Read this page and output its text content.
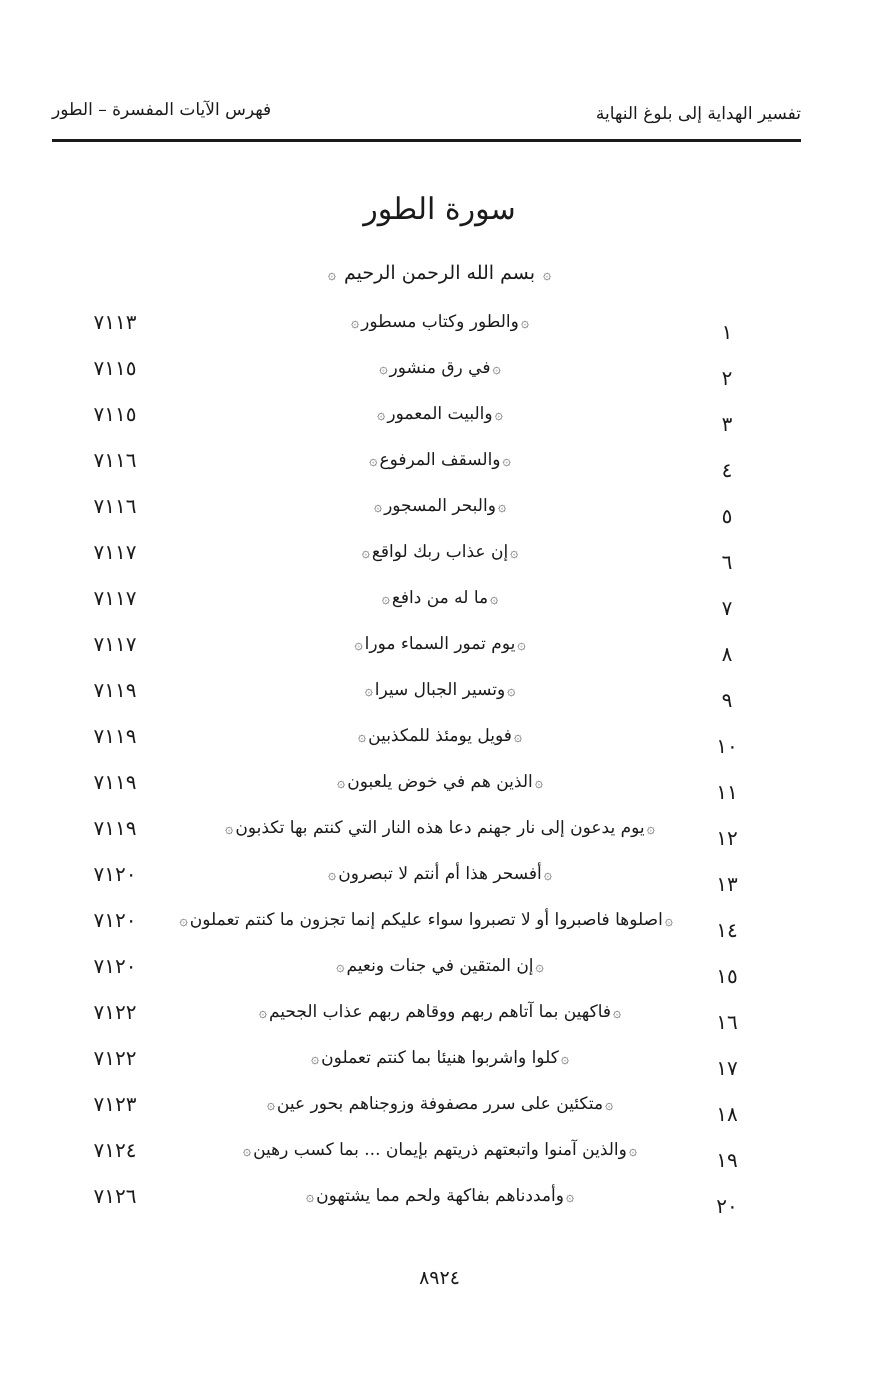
تفسير الهداية إلى بلوغ النهاية
فهرس الآيات المفسرة – الطور
سورة الطور
۞ بسم الله الرحمن الرحيم ۞
١
۞والطور وكتاب مسطور۞
٧١١٣
٢
۞في رق منشور۞
٧١١٥
٣
۞والبيت المعمور۞
٧١١٥
٤
۞والسقف المرفوع۞
٧١١٦
٥
۞والبحر المسجور۞
٧١١٦
٦
۞إن عذاب ربك لواقع۞
٧١١٧
٧
۞ما له من دافع۞
٧١١٧
٨
۞يوم تمور السماء مورا۞
٧١١٧
٩
۞وتسير الجبال سيرا۞
٧١١٩
١٠
۞فويل يومئذ للمكذبين۞
٧١١٩
١١
۞الذين هم في خوض يلعبون۞
٧١١٩
١٢
۞يوم يدعون إلى نار جهنم دعا هذه النار التي كنتم بها تكذبون۞
٧١١٩
١٣
۞أفسحر هذا أم أنتم لا تبصرون۞
٧١٢٠
١٤
۞اصلوها فاصبروا أو لا تصبروا سواء عليكم إنما تجزون ما كنتم تعملون۞
٧١٢٠
١٥
۞إن المتقين في جنات ونعيم۞
٧١٢٠
١٦
۞فاكهين بما آتاهم ربهم ووقاهم ربهم عذاب الجحيم۞
٧١٢٢
١٧
۞كلوا واشربوا هنيئا بما كنتم تعملون۞
٧١٢٢
١٨
۞متكئين على سرر مصفوفة وزوجناهم بحور عين۞
٧١٢٣
١٩
۞والذين آمنوا واتبعتهم ذريتهم بإيمان ... بما كسب رهين۞
٧١٢٤
٢٠
۞وأمددناهم بفاكهة ولحم مما يشتهون۞
٧١٢٦
٨٩٢٤
